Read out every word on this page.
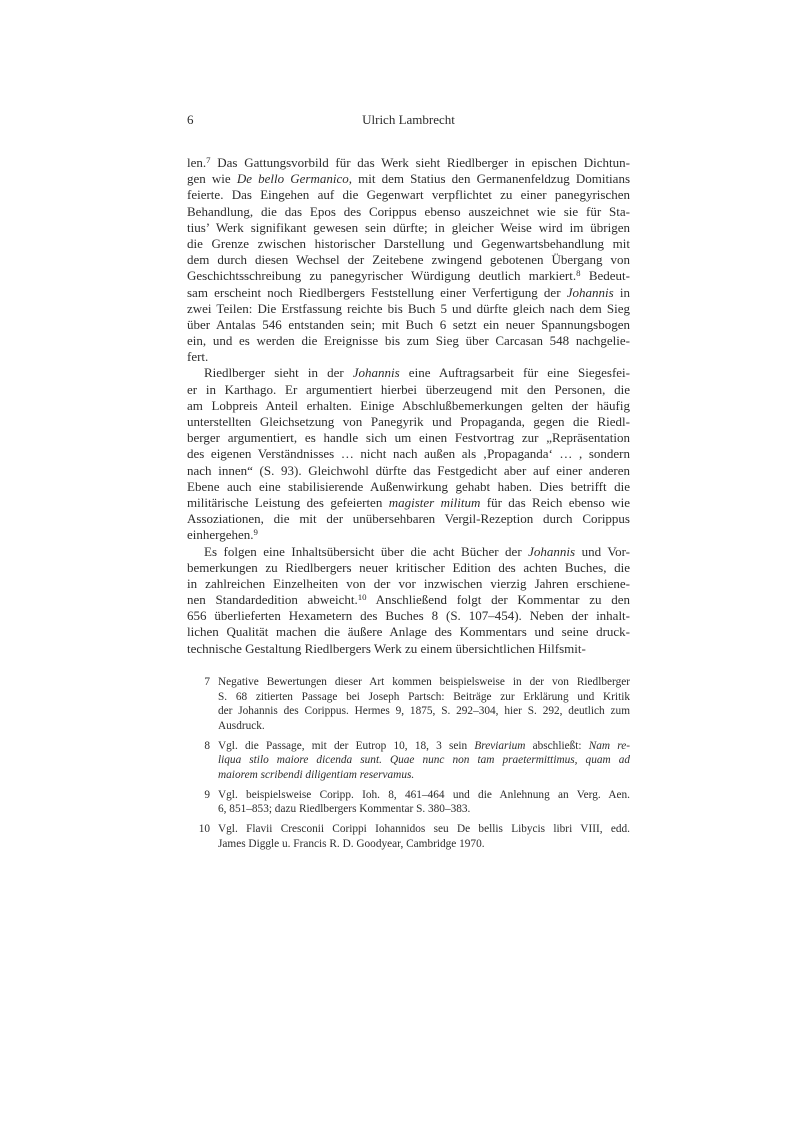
6	Ulrich Lambrecht
len.$^7$ Das Gattungsvorbild für das Werk sieht Riedlberger in epischen Dichtun-
gen wie De bello Germanico, mit dem Statius den Germanenfeldzug Domitians
feierte. Das Eingehen auf die Gegenwart verpflichtet zu einer panegyrischen
Behandlung, die das Epos des Corippus ebenso auszeichnet wie sie für Sta-
tius’ Werk signifikant gewesen sein dürfte; in gleicher Weise wird im übrigen
die Grenze zwischen historischer Darstellung und Gegenwartsbehandlung mit
dem durch diesen Wechsel der Zeitebene zwingend gebotenen Übergang von
Geschichtsschreibung zu panegyrischer Würdigung deutlich markiert.$^8$ Bedeut-
sam erscheint noch Riedlbergers Feststellung einer Verfertigung der Johannis in
zwei Teilen: Die Erstfassung reichte bis Buch 5 und dürfte gleich nach dem Sieg
über Antalas 546 entstanden sein; mit Buch 6 setzt ein neuer Spannungsbogen
ein, und es werden die Ereignisse bis zum Sieg über Carcasan 548 nachgelie-
fert.
Riedlberger sieht in der Johannis eine Auftragsarbeit für eine Siegesfei-
er in Karthago. Er argumentiert hierbei überzeugend mit den Personen, die
am Lobpreis Anteil erhalten. Einige Abschlußbemerkungen gelten der häufig
unterstellten Gleichsetzung von Panegyrik und Propaganda, gegen die Riedl-
berger argumentiert, es handle sich um einen Festvortrag zur „Repräsentation
des eigenen Verständnisses … nicht nach außen als ‚Propaganda‘ … , sondern
nach innen“ (S. 93). Gleichwohl dürfte das Festgedicht aber auf einer anderen
Ebene auch eine stabilisierende Außenwirkung gehabt haben. Dies betrifft die
militärische Leistung des gefeierten magister militum für das Reich ebenso wie
Assoziationen, die mit der unübersehbaren Vergil-Rezeption durch Corippus
einhergehen.$^9$
Es folgen eine Inhaltsübersicht über die acht Bücher der Johannis und Vor-
bemerkungen zu Riedlbergers neuer kritischer Edition des achten Buches, die
in zahlreichen Einzelheiten von der vor inzwischen vierzig Jahren erschiene-
nen Standardedition abweicht.$^{10}$ Anschließend folgt der Kommentar zu den
656 überlieferten Hexametern des Buches 8 (S. 107–454). Neben der inhalt-
lichen Qualität machen die äußere Anlage des Kommentars und seine druck-
technische Gestaltung Riedlbergers Werk zu einem übersichtlichen Hilfsmit-
7 Negative Bewertungen dieser Art kommen beispielsweise in der von Riedlberger
S. 68 zitierten Passage bei Joseph Partsch: Beiträge zur Erklärung und Kritik
der Johannis des Corippus. Hermes 9, 1875, S. 292–304, hier S. 292, deutlich zum
Ausdruck.
8 Vgl. die Passage, mit der Eutrop 10, 18, 3 sein Breviarium abschließt: Nam re-
liqua stilo maiore dicenda sunt. Quae nunc non tam praetermittimus, quam ad
maiorem scribendi diligentiam reservamus.
9 Vgl. beispielsweise Coripp. Ioh. 8, 461–464 und die Anlehnung an Verg. Aen.
6, 851–853; dazu Riedlbergers Kommentar S. 380–383.
10 Vgl. Flavii Cresconii Corippi Iohannidos seu De bellis Libycis libri VIII, edd.
James Diggle u. Francis R. D. Goodyear, Cambridge 1970.
